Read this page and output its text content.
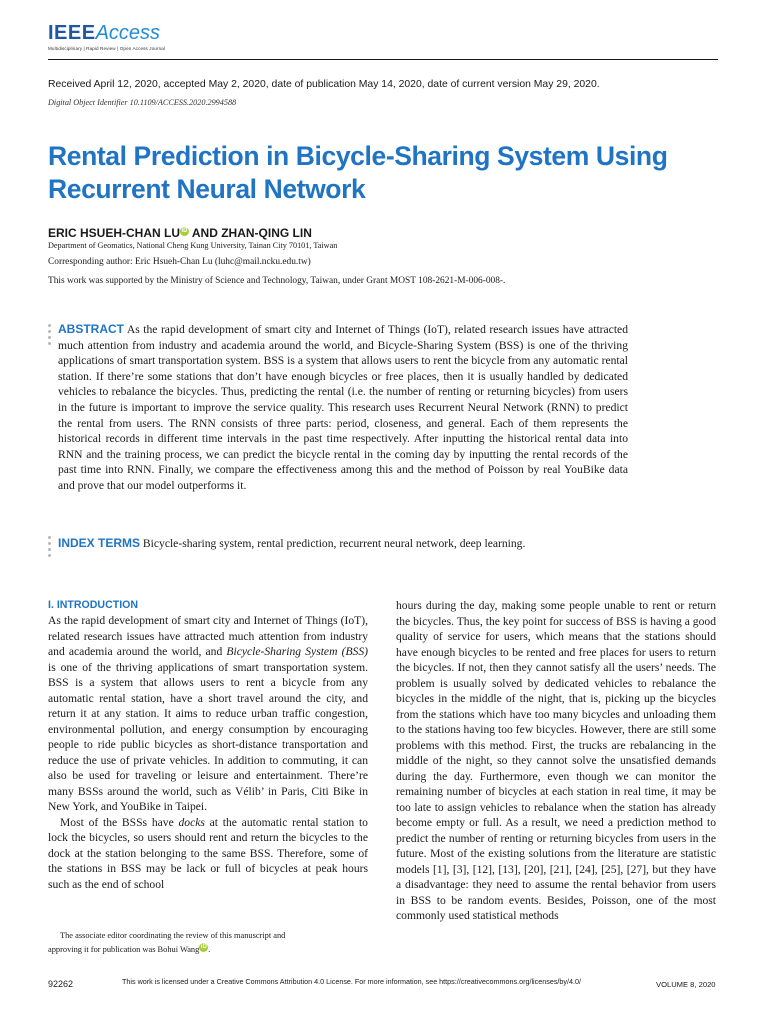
IEEEAccess
Multidisciplinary | Rapid Review | Open Access Journal
Received April 12, 2020, accepted May 2, 2020, date of publication May 14, 2020, date of current version May 29, 2020.
Digital Object Identifier 10.1109/ACCESS.2020.2994588
Rental Prediction in Bicycle-Sharing System Using
Recurrent Neural Network
ERIC HSUEH-CHAN LU iD AND ZHAN-QING LIN
Department of Geomatics, National Cheng Kung University, Tainan City 70101, Taiwan
Corresponding author: Eric Hsueh-Chan Lu (luhc@mail.ncku.edu.tw)
This work was supported by the Ministry of Science and Technology, Taiwan, under Grant MOST 108-2621-M-006-008-.
ABSTRACT As the rapid development of smart city and Internet of Things (IoT), related research issues have attracted much attention from industry and academia around the world, and Bicycle-Sharing System (BSS) is one of the thriving applications of smart transportation system. BSS is a system that allows users to rent the bicycle from any automatic rental station. If there’re some stations that don’t have enough bicycles or free places, then it is usually handled by dedicated vehicles to rebalance the bicycles. Thus, predicting the rental (i.e. the number of renting or returning bicycles) from users in the future is important to improve the service quality. This research uses Recurrent Neural Network (RNN) to predict the rental from users. The RNN consists of three parts: period, closeness, and general. Each of them represents the historical records in different time intervals in the past time respectively. After inputting the historical rental data into RNN and the training process, we can predict the bicycle rental in the coming day by inputting the rental records of the past time into RNN. Finally, we compare the effectiveness among this and the method of Poisson by real YouBike data and prove that our model outperforms it.
INDEX TERMS Bicycle-sharing system, rental prediction, recurrent neural network, deep learning.
I. INTRODUCTION

As the rapid development of smart city and Internet of Things (IoT), related research issues have attracted much attention from industry and academia around the world, and Bicycle-Sharing System (BSS) is one of the thriving applications of smart transportation system. BSS is a system that allows users to rent a bicycle from any automatic rental station, have a short travel around the city, and return it at any station. It aims to reduce urban traffic congestion, environmental pollution, and energy consumption by encouraging people to ride public bicycles as short-distance transportation and reduce the use of private vehicles. In addition to commuting, it can also be used for traveling or leisure and entertainment. There’re many BSSs around the world, such as Vélib’ in Paris, Citi Bike in New York, and YouBike in Taipei.

Most of the BSSs have docks at the automatic rental station to lock the bicycles, so users should rent and return the bicycles to the dock at the station belonging to the same BSS. Therefore, some of the stations in BSS may be lack or full of bicycles at peak hours such as the end of school

The associate editor coordinating the review of this manuscript and
approving it for publication was Bohui Wang iD .

hours during the day, making some people unable to rent or return the bicycles. Thus, the key point for success of BSS is having a good quality of service for users, which means that the stations should have enough bicycles to be rented and free places for users to return the bicycles. If not, then they cannot satisfy all the users’ needs. The problem is usually solved by dedicated vehicles to rebalance the bicycles in the middle of the night, that is, picking up the bicycles from the stations which have too many bicycles and unloading them to the stations having too few bicycles. However, there are still some problems with this method. First, the trucks are rebalancing in the middle of the night, so they cannot solve the unsatisfied demands during the day. Furthermore, even though we can monitor the remaining number of bicycles at each station in real time, it may be too late to assign vehicles to rebalance when the station has already become empty or full. As a result, we need a prediction method to predict the number of renting or returning bicycles from users in the future. Most of the existing solutions from the literature are statistic models [1], [3], [12], [13], [20], [21], [24], [25], [27], but they have a disadvantage: they need to assume the rental behavior from users in BSS to be random events. Besides, Poisson, one of the most commonly used statistical methods

92262	This work is licensed under a Creative Commons Attribution 4.0 License. For more information, see https://creativecommons.org/licenses/by/4.0/	VOLUME 8, 2020
